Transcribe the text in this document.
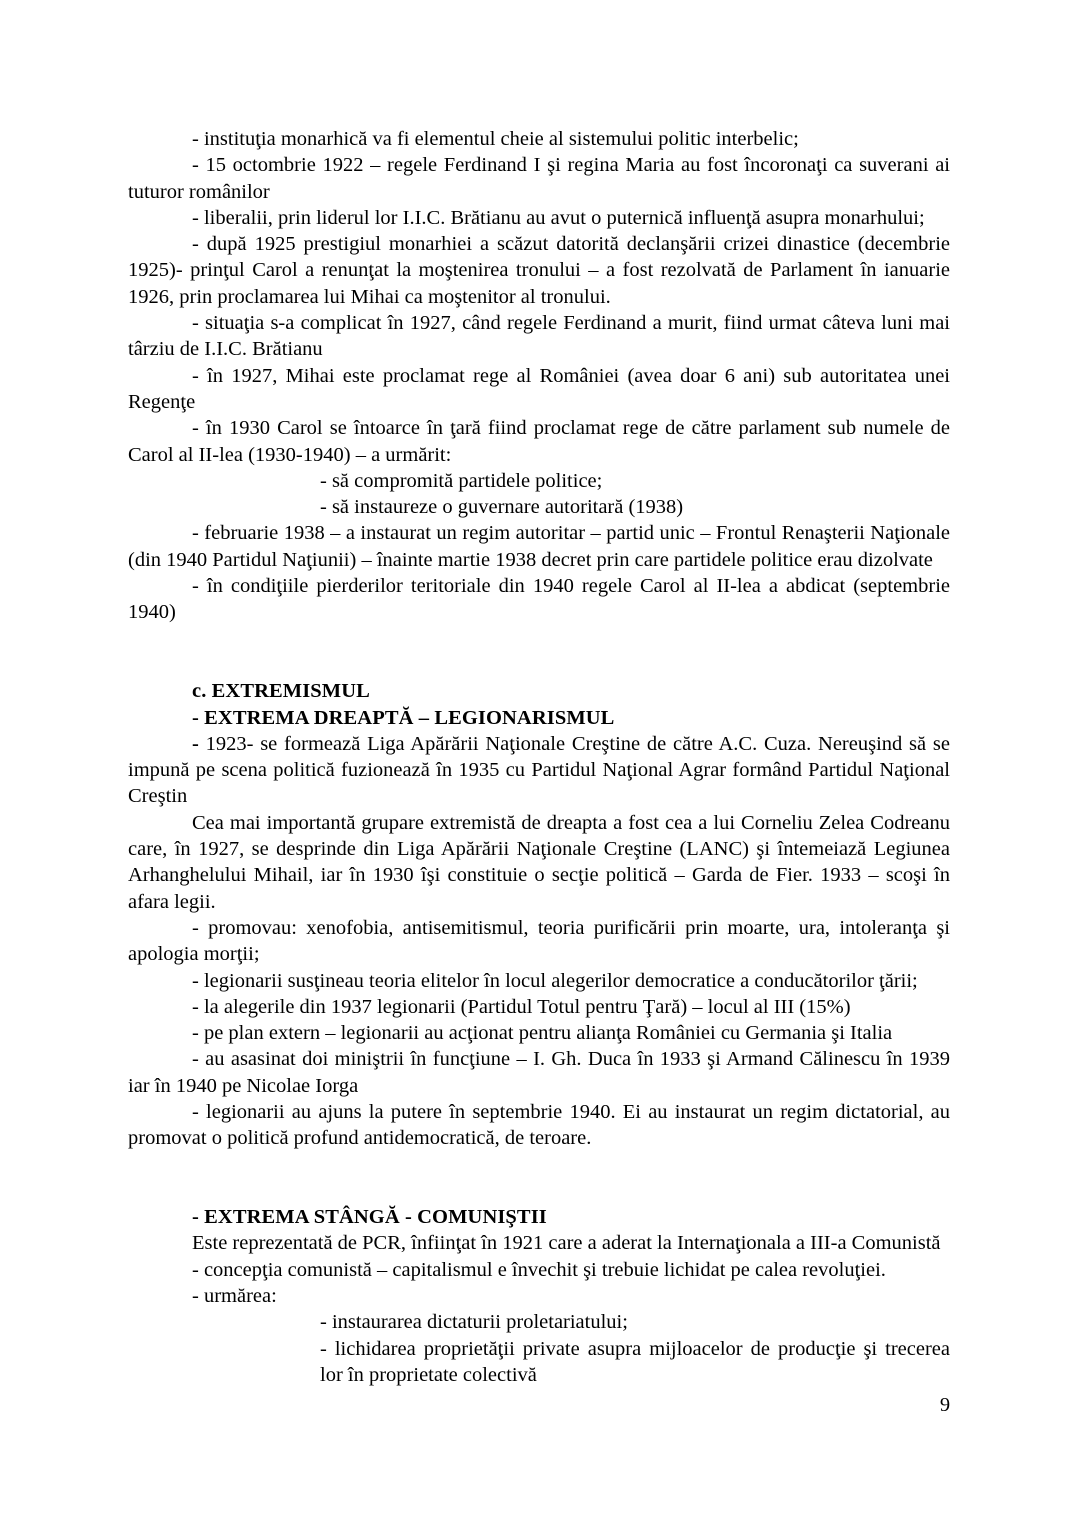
- instituţia monarhică va fi elementul cheie al sistemului politic interbelic;

- 15 octombrie 1922 – regele Ferdinand I şi regina Maria au fost încoronaţi ca suverani ai tuturor românilor

- liberalii, prin liderul lor I.I.C. Brătianu au avut o puternică influenţă asupra monarhului;

- după 1925 prestigiul monarhiei a scăzut datorită declanşării crizei dinastice (decembrie 1925)- prinţul Carol a renunţat la moştenirea tronului – a fost rezolvată de Parlament în ianuarie 1926, prin proclamarea lui Mihai ca moştenitor al tronului.

- situaţia s-a complicat în 1927, când regele Ferdinand a murit, fiind urmat câteva luni mai târziu de I.I.C. Brătianu

- în 1927, Mihai este proclamat rege al României (avea doar 6 ani) sub autoritatea unei Regenţe

- în 1930 Carol se întoarce în ţară fiind proclamat rege de către parlament sub numele de Carol al II-lea (1930-1940) – a urmărit:

- să compromită partidele politice;

- să instaureze o guvernare autoritară (1938)

- februarie 1938 – a instaurat un regim autoritar – partid unic – Frontul Renaşterii Naţionale (din 1940 Partidul Naţiunii) – înainte martie 1938 decret prin care partidele politice erau dizolvate

- în condiţiile pierderilor teritoriale din 1940 regele Carol al II-lea a abdicat (septembrie 1940)

c. EXTREMISMUL

- EXTREMA DREAPTĂ – LEGIONARISMUL

- 1923- se formează Liga Apărării Naţionale Creştine de către A.C. Cuza. Nereuşind să se impună pe scena politică fuzionează în 1935 cu Partidul Naţional Agrar formând Partidul Naţional Creştin

Cea mai importantă grupare extremistă de dreapta a fost cea a lui Corneliu Zelea Codreanu care, în 1927, se desprinde din Liga Apărării Naţionale Creştine (LANC) şi întemeiază Legiunea Arhanghelului Mihail, iar în 1930 îşi constituie o secţie politică – Garda de Fier. 1933 – scoşi în afara legii.

- promovau: xenofobia, antisemitismul, teoria purificării prin moarte, ura, intoleranţa şi apologia morţii;

- legionarii susţineau teoria elitelor în locul alegerilor democratice a conducătorilor ţării;

- la alegerile din 1937 legionarii (Partidul Totul pentru Ţară) – locul al III (15%)

- pe plan extern – legionarii au acţionat pentru alianţa României cu Germania şi Italia

- au asasinat doi miniştrii în funcţiune – I. Gh. Duca în 1933 şi Armand Călinescu în 1939 iar în 1940 pe Nicolae Iorga

- legionarii au ajuns la putere în septembrie 1940. Ei au instaurat un regim dictatorial, au promovat o politică profund antidemocratică, de teroare.

- EXTREMA STÂNGĂ - COMUNIŞTII

Este reprezentată de PCR, înfiinţat în 1921 care a aderat la Internaţionala a III-a Comunistă

- concepţia comunistă – capitalismul e învechit şi trebuie lichidat pe calea revoluţiei.

- urmărea:

- instaurarea dictaturii proletariatului;

- lichidarea proprietăţii private asupra mijloacelor de producţie şi trecerea lor în proprietate colectivă

9
